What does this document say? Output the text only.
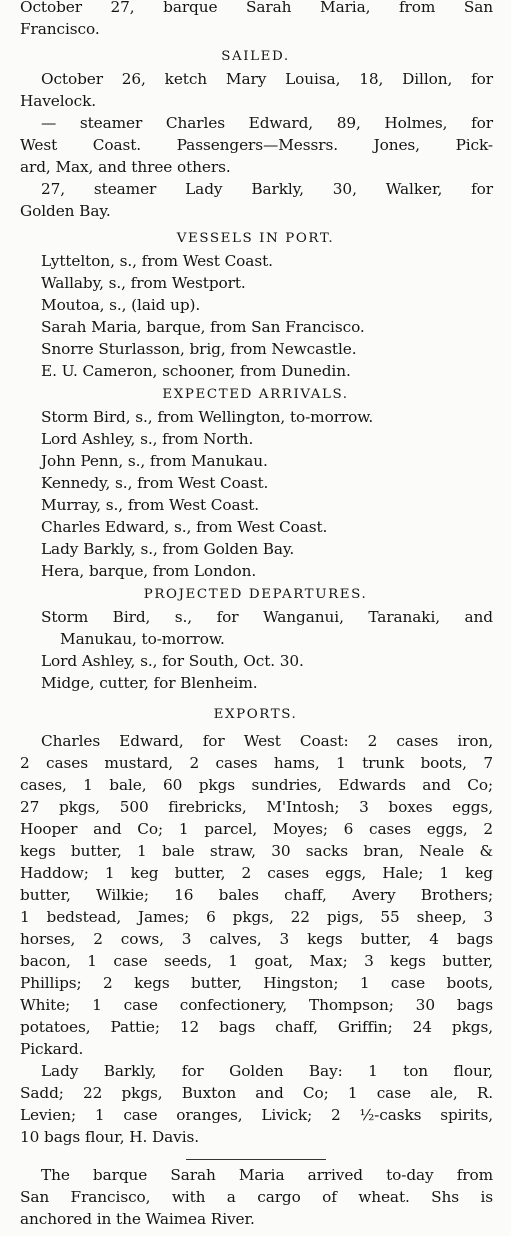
October 27, barque Sarah Maria, from San

Francisco.

SAILED.

October 26, ketch Mary Louisa, 18, Dillon, for

Havelock.

— steamer Charles Edward, 89, Holmes, for

West Coast. Passengers—Messrs. Jones, Pick-

ard, Max, and three others.

27, steamer Lady Barkly, 30, Walker, for

Golden Bay.

VESSELS IN PORT.

Lyttelton, s., from West Coast.

Wallaby, s., from Westport.

Moutoa, s., (laid up).

Sarah Maria, barque, from San Francisco.

Snorre Sturlasson, brig, from Newcastle.

E. U. Cameron, schooner, from Dunedin.

EXPECTED ARRIVALS.

Storm Bird, s., from Wellington, to-morrow.

Lord Ashley, s., from North.

John Penn, s., from Manukau.

Kennedy, s., from West Coast.

Murray, s., from West Coast.

Charles Edward, s., from West Coast.

Lady Barkly, s., from Golden Bay.

Hera, barque, from London.

PROJECTED DEPARTURES.

Storm Bird, s., for Wanganui, Taranaki, and

Manukau, to-morrow.

Lord Ashley, s., for South, Oct. 30.

Midge, cutter, for Blenheim.

EXPORTS.

Charles Edward, for West Coast: 2 cases iron,

2 cases mustard, 2 cases hams, 1 trunk boots, 7

cases, 1 bale, 60 pkgs sundries, Edwards and Co;

27 pkgs, 500 firebricks, M'Intosh; 3 boxes eggs,

Hooper and Co; 1 parcel, Moyes; 6 cases eggs, 2

kegs butter, 1 bale straw, 30 sacks bran, Neale &

Haddow; 1 keg butter, 2 cases eggs, Hale; 1 keg

butter, Wilkie; 16 bales chaff, Avery Brothers;

1 bedstead, James; 6 pkgs, 22 pigs, 55 sheep, 3

horses, 2 cows, 3 calves, 3 kegs butter, 4 bags

bacon, 1 case seeds, 1 goat, Max; 3 kegs butter,

Phillips; 2 kegs butter, Hingston; 1 case boots,

White; 1 case confectionery, Thompson; 30 bags

potatoes, Pattie; 12 bags chaff, Griffin; 24 pkgs,

Pickard.

Lady Barkly, for Golden Bay: 1 ton flour,

Sadd; 22 pkgs, Buxton and Co; 1 case ale, R.

Levien; 1 case oranges, Livick; 2 ½-casks spirits,

10 bags flour, H. Davis.

The barque Sarah Maria arrived to-day from

San Francisco, with a cargo of wheat. Shs is

anchored in the Waimea River.
